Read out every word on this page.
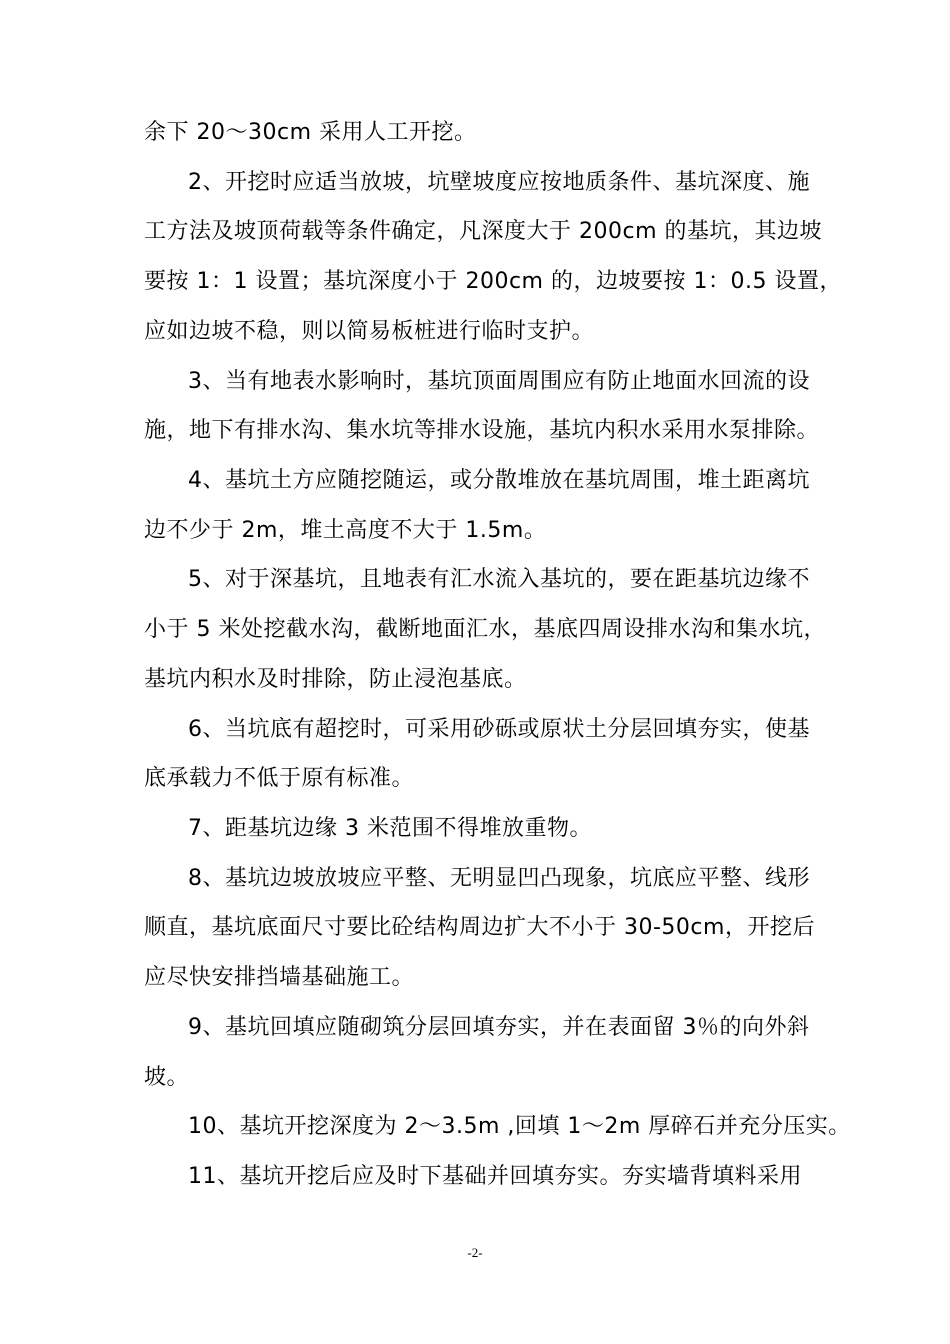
余下 20～30cm 采用人工开挖。
2、开挖时应适当放坡，坑壁坡度应按地质条件、基坑深度、施
工方法及坡顶荷载等条件确定，凡深度大于 200cm 的基坑，其边坡
要按 1：1 设置；基坑深度小于 200cm 的，边坡要按 1：0.5 设置，
应如边坡不稳，则以简易板桩进行临时支护。
3、当有地表水影响时，基坑顶面周围应有防止地面水回流的设
施，地下有排水沟、集水坑等排水设施，基坑内积水采用水泵排除。
4、基坑土方应随挖随运，或分散堆放在基坑周围，堆土距离坑
边不少于 2m，堆土高度不大于 1.5m。
5、对于深基坑，且地表有汇水流入基坑的，要在距基坑边缘不
小于 5 米处挖截水沟，截断地面汇水，基底四周设排水沟和集水坑，
基坑内积水及时排除，防止浸泡基底。
6、当坑底有超挖时，可采用砂砾或原状土分层回填夯实，使基
底承载力不低于原有标准。
7、距基坑边缘 3 米范围不得堆放重物。
8、基坑边坡放坡应平整、无明显凹凸现象，坑底应平整、线形
顺直，基坑底面尺寸要比砼结构周边扩大不小于 30-50cm，开挖后
应尽快安排挡墙基础施工。
9、基坑回填应随砌筑分层回填夯实，并在表面留 3％的向外斜
坡。
10、基坑开挖深度为 2～3.5m ,回填 1～2m 厚碎石并充分压实。
11、基坑开挖后应及时下基础并回填夯实。夯实墙背填料采用
-2-
